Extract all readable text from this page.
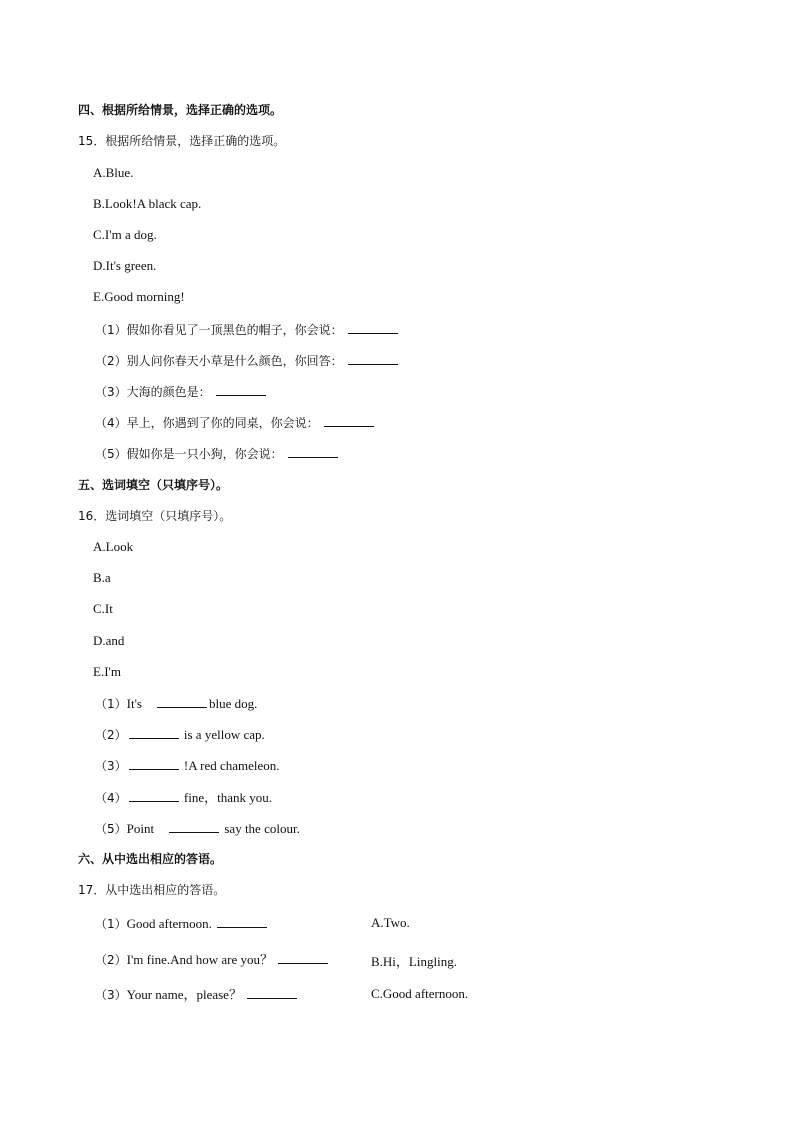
四、根据所给情景，选择正确的选项。
15．根据所给情景，选择正确的选项。
A.Blue.
B.Look!A black cap.
C.I'm a dog.
D.It's green.
E.Good morning!
（1）假如你看见了一顶黑色的帽子，你会说：
（2）别人问你春天小草是什么颜色，你回答：
（3）大海的颜色是：
（4）早上，你遇到了你的同桌，你会说：
（5）假如你是一只小狗，你会说：
五、选词填空（只填序号）。
16．选词填空（只填序号）。
A.Look
B.a
C.It
D.and
E.I'm
（1）It's	blue dog.
（2）	is a yellow cap.
（3）	!A red chameleon.
（4）	fine，thank you.
（5）Point	say the colour.
六、从中选出相应的答语。
17．从中选出相应的答语。
（1）Good afternoon.	A.Two.
（2）I'm fine.And how are you？	B.Hi，Lingling.
（3）Your name，please？	C.Good afternoon.
